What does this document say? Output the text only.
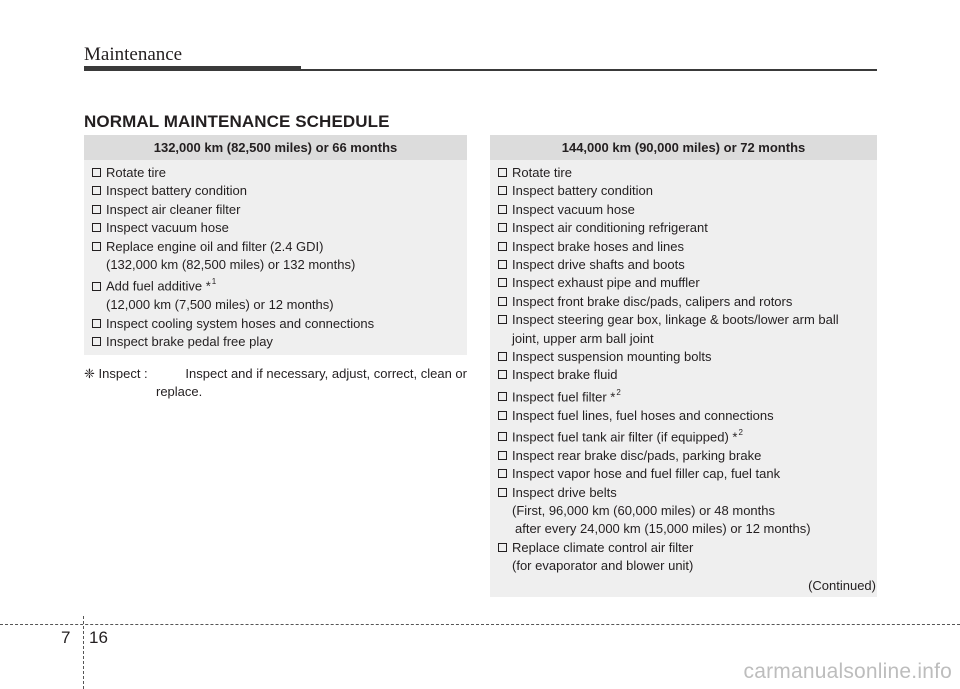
Maintenance
NORMAL MAINTENANCE SCHEDULE
132,000 km (82,500 miles) or 66 months
Rotate tire
Inspect battery condition
Inspect air cleaner filter
Inspect vacuum hose
Replace engine oil and filter (2.4 GDI)
(132,000 km (82,500 miles) or 132 months)
Add fuel additive *$^1$
(12,000 km (7,500 miles) or 12 months)
Inspect cooling system hoses and connections
Inspect brake pedal free play
❈ Inspect :	Inspect and if necessary, adjust, correct, clean or
replace.
144,000 km (90,000 miles) or 72 months
Rotate tire
Inspect battery condition
Inspect vacuum hose
Inspect air conditioning refrigerant
Inspect brake hoses and lines
Inspect drive shafts and boots
Inspect exhaust pipe and muffler
Inspect front brake disc/pads, calipers and rotors
Inspect steering gear box, linkage & boots/lower arm ball
joint, upper arm ball joint
Inspect suspension mounting bolts
Inspect brake fluid
Inspect fuel filter *$^2$
Inspect fuel lines, fuel hoses and connections
Inspect fuel tank air filter (if equipped) *$^2$
Inspect rear brake disc/pads, parking brake
Inspect vapor hose and fuel filler cap, fuel tank
Inspect drive belts
(First, 96,000 km (60,000 miles) or 48 months
after every 24,000 km (15,000 miles) or 12 months)
Replace climate control air filter
(for evaporator and blower unit)
(Continued)
7 16
carmanualsonline.info
